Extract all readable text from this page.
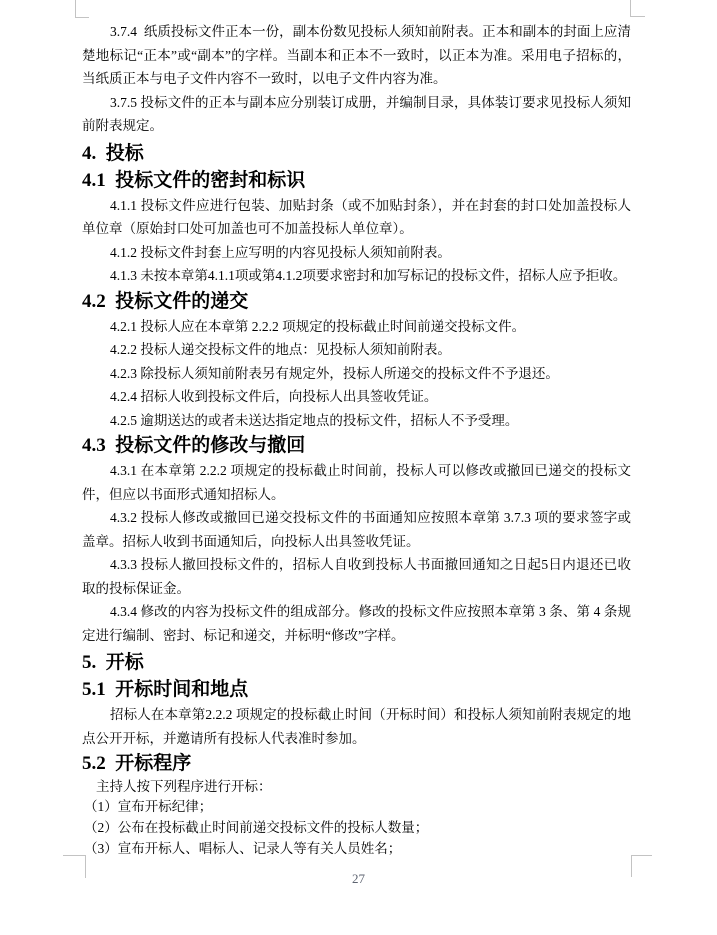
3.7.4  纸质投标文件正本一份，副本份数见投标人须知前附表。正本和副本的封面上应清楚地标记“正本”或“副本”的字样。当副本和正本不一致时，以正本为准。采用电子招标的，当纸质正本与电子文件内容不一致时，以电子文件内容为准。

3.7.5 投标文件的正本与副本应分别装订成册，并编制目录，具体装订要求见投标人须知前附表规定。

4.  投标
4.1  投标文件的密封和标识

4.1.1 投标文件应进行包装、加贴封条（或不加贴封条），并在封套的封口处加盖投标人单位章（原始封口处可加盖也可不加盖投标人单位章）。

4.1.2 投标文件封套上应写明的内容见投标人须知前附表。

4.1.3 未按本章第4.1.1项或第4.1.2项要求密封和加写标记的投标文件，招标人应予拒收。

4.2  投标文件的递交

4.2.1 投标人应在本章第 2.2.2 项规定的投标截止时间前递交投标文件。

4.2.2 投标人递交投标文件的地点：见投标人须知前附表。

4.2.3 除投标人须知前附表另有规定外，投标人所递交的投标文件不予退还。

4.2.4 招标人收到投标文件后，向投标人出具签收凭证。

4.2.5 逾期送达的或者未送达指定地点的投标文件，招标人不予受理。

4.3  投标文件的修改与撤回

4.3.1 在本章第 2.2.2 项规定的投标截止时间前，投标人可以修改或撤回已递交的投标文件，但应以书面形式通知招标人。

4.3.2 投标人修改或撤回已递交投标文件的书面通知应按照本章第 3.7.3 项的要求签字或盖章。招标人收到书面通知后，向投标人出具签收凭证。

4.3.3 投标人撤回投标文件的，招标人自收到投标人书面撤回通知之日起5日内退还已收取的投标保证金。

4.3.4 修改的内容为投标文件的组成部分。修改的投标文件应按照本章第 3 条、第 4 条规定进行编制、密封、标记和递交，并标明“修改”字样。

5.  开标
5.1  开标时间和地点

招标人在本章第2.2.2 项规定的投标截止时间（开标时间）和投标人须知前附表规定的地点公开开标，并邀请所有投标人代表准时参加。

5.2  开标程序

主持人按下列程序进行开标：

（1）宣布开标纪律；

（2）公布在投标截止时间前递交投标文件的投标人数量；

（3）宣布开标人、唱标人、记录人等有关人员姓名；

27
